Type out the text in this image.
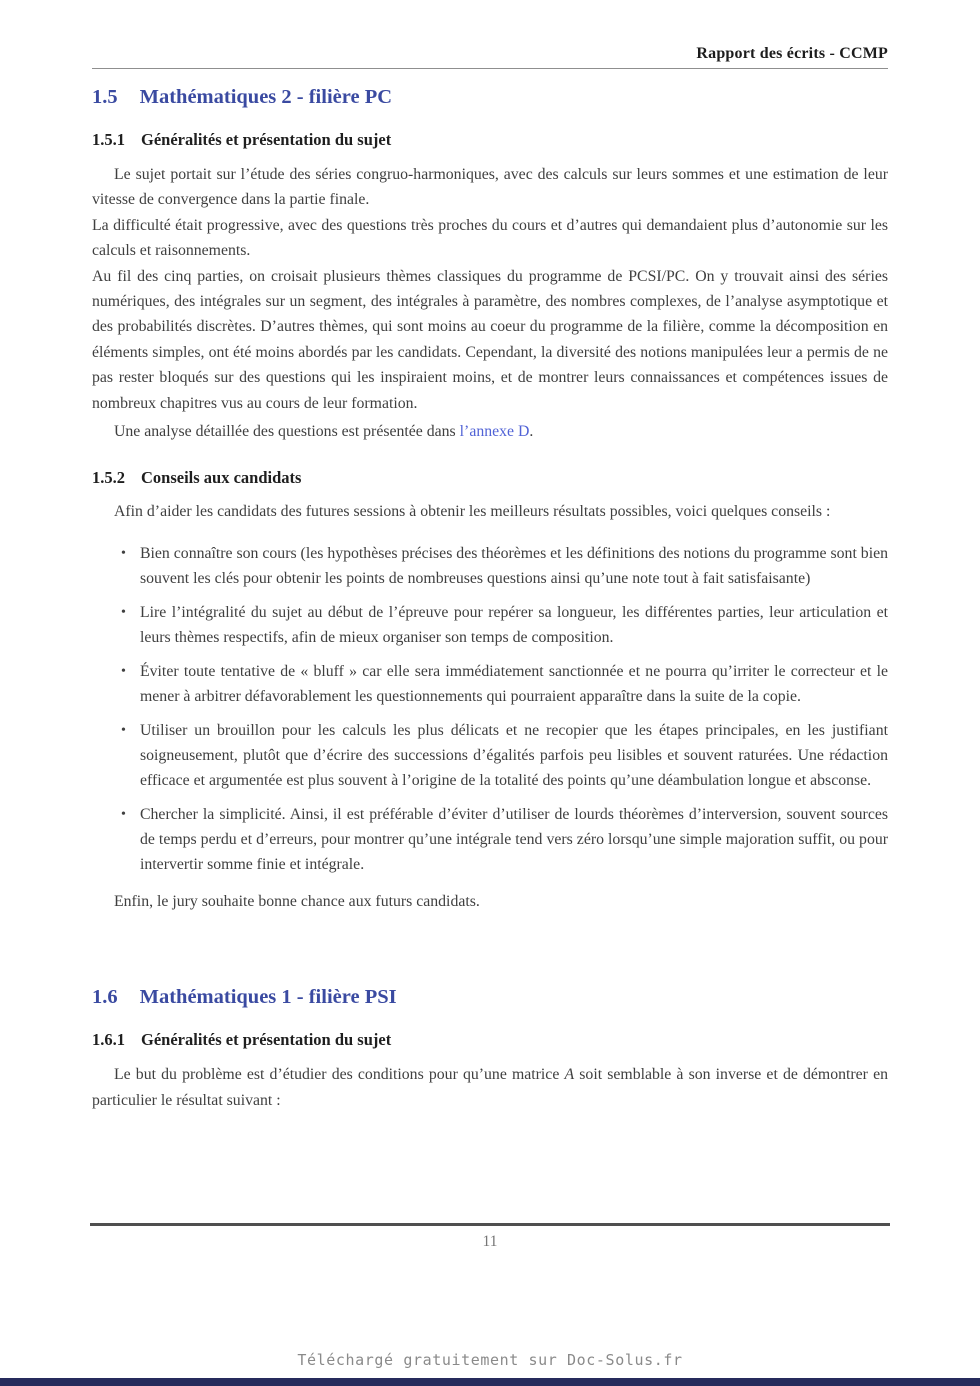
Rapport des écrits - CCMP
1.5 Mathématiques 2 - filière PC
1.5.1 Généralités et présentation du sujet

Le sujet portait sur l’étude des séries congruo-harmoniques, avec des calculs sur leurs sommes et une estimation de leur vitesse de convergence dans la partie finale.

La difficulté était progressive, avec des questions très proches du cours et d’autres qui demandaient plus d’autonomie sur les calculs et raisonnements.

Au fil des cinq parties, on croisait plusieurs thèmes classiques du programme de PCSI/PC. On y trouvait ainsi des séries numériques, des intégrales sur un segment, des intégrales à paramètre, des nombres complexes, de l’analyse asymptotique et des probabilités discrètes. D’autres thèmes, qui sont moins au coeur du programme de la filière, comme la décomposition en éléments simples, ont été moins abordés par les candidats. Cependant, la diversité des notions manipulées leur a permis de ne pas rester bloqués sur des questions qui les inspiraient moins, et de montrer leurs connaissances et compétences issues de nombreux chapitres vus au cours de leur formation.

Une analyse détaillée des questions est présentée dans l’annexe D.

1.5.2 Conseils aux candidats

Afin d’aider les candidats des futures sessions à obtenir les meilleurs résultats possibles, voici quelques conseils :

• Bien connaître son cours (les hypothèses précises des théorèmes et les définitions des notions du programme sont bien souvent les clés pour obtenir les points de nombreuses questions ainsi qu’une note tout à fait satisfaisante)
• Lire l’intégralité du sujet au début de l’épreuve pour repérer sa longueur, les différentes parties, leur articulation et leurs thèmes respectifs, afin de mieux organiser son temps de composition.
• Éviter toute tentative de « bluff » car elle sera immédiatement sanctionnée et ne pourra qu’irriter le correcteur et le mener à arbitrer défavorablement les questionnements qui pourraient apparaître dans la suite de la copie.
• Utiliser un brouillon pour les calculs les plus délicats et ne recopier que les étapes principales, en les justifiant soigneusement, plutôt que d’écrire des successions d’égalités parfois peu lisibles et souvent raturées. Une rédaction efficace et argumentée est plus souvent à l’origine de la totalité des points qu’une déambulation longue et absconse.
• Chercher la simplicité. Ainsi, il est préférable d’éviter d’utiliser de lourds théorèmes d’interversion, souvent sources de temps perdu et d’erreurs, pour montrer qu’une intégrale tend vers zéro lorsqu’une simple majoration suffit, ou pour intervertir somme finie et intégrale.

Enfin, le jury souhaite bonne chance aux futurs candidats.

1.6 Mathématiques 1 - filière PSI
1.6.1 Généralités et présentation du sujet

Le but du problème est d’étudier des conditions pour qu’une matrice A soit semblable à son inverse et de démontrer en particulier le résultat suivant :

11
Téléchargé gratuitement sur Doc-Solus.fr
